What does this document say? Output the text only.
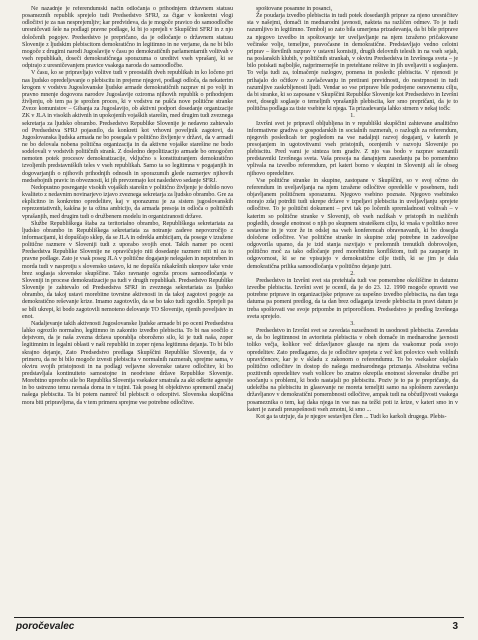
Ne nazadnje je referendumski način odločanja o prihodnjem državnem statusu posameznih republik sprejelo tudi Predsedstvo SFRJ, za čigar v konkretni vlogi odločitvi je za nas nesprejemljiv; kar predvideva, da je mogoče pravico do samoodločbe uresničevati šele na podlagi pravne podlage, ki bi jo sprejeli v Skupščini SFRJ in z njo določenih pogojev. Predsedstvo je prepričano, da je odločanje o državnem statusu Slovenije z ljudskim plebiscitom demokratično in legitimno in ne verjame, da ne bi bilo mogoče z drugimi narodi Jugoslavije v času po demokratičnih parlamentarnih volitvah v vseh republikah, doseči demokratičnega sporazuma o ureditvi vseh vprašanj, ki se odpirajo z uresničevanjem pravice vsakega naroda do samoodločbe.

V času, ko se pripravljajo volitve tudi v preostalih dveh republikah in ko ločeno pri nas ljudsko opredeljevanje o plebiscitu in prejeme njegovi, podlagi odloča, da nekaterim krogom v vodstvu Jugoslovanske ljudske armade demokratičnih razprav ni po volji in pravno mnenje dogovora narodov Jugoslavije oziroma njihovih republik o prihodnjem življenju, ob tem pa je sprožen proces, ki v vodstvu ne pušča nove politične stranke Zveze komunistov – Gibanja za Jugoslavijo, ob aktivni podpori dosedanje organizacije ZK v JLA in visokih aktivnih in upokojenih vojaških starešin, med drugim tudi zveznega sekretarja za ljudsko obrambo. Predsedstvo Republike Slovenije je nedavno zahtevalo od Predsedstva SFRJ pojasnilo, da konkreti kot vrhovni poveljnik zagotovi, da Jugoslovanska ljudska armada ne bo posegala v politično življenje v državi, da v armadi ne bo delovala nobena politična organizacija in da aktivne vojaške starešine ne bodo sodelovali v vodstvih političnih strank. Z dosledno depolitizacijo armade bo omogočen nemoten potek procesov demokratizacije, vključno s konstituiranjem demokratično izvoljenih predstavniških teles v vseh republikah. Samo ta so legitimna v pogajanjih in dogovarjanjih o njihovih prihodnjih odnosih in sporazumih glede razmerjev njihovih medsebojnih pravic in obveznosti, ki jih prevzemajo kot nasledstvo sedanje SFRJ.

Nedopustno posreganje visokih vojaških starešin v politično življenje je dobilo novo kvaliteto z nedavnim novinarjevo izjavo zveznega sekretarja za ljudsko obrambo. Gre za ekplicitno in konkretno opredelitev, kaj v sporazumu je za sistem jugoslovanskih reprezentativnih, kakšna je ta ožina ambicijo, da armada presoja in odloča o političnih vprašanjih, med drugim tudi o družbenem modelu in organiziranosti države.

Službe Republiškega štaba za teritorialno obrambo, Republiškega sekretariata za ljudsko obrambo in Republiškega sekretariata za notranje zadeve nepovzročijo z informacijami, ki dopuščajo sklep, da se JLA in odrekla ambicijam, da posege v izražene politične razmere v Sloveniji tudi z uporabo svojih enot. Takih namer po oceni Predsedstva Republike Slovenije ne opravičujejo niti dosedanje razmere niti ni za to pravne podlage. Zato je vsak poseg JLA v politične dogajanje nelegalen in nepotreben in morda tudi v nasprotju s slovensko ustavo, ki ne dopušča nikakršnih ukrepov take vrste brez soglasja slovenske skupščine. Tako ravnanje ogroža proces samoodločanja v Sloveniji in procese demokratizacije pa tudi v drugih republikah. Predsedstvo Republike Slovenije je zahtevalo od Predsedstva SFRJ in zveznega sekretariata za ljudsko obrambo, da takoj ustavi morebitne tovrstne aktivnosti in da takoj zagotovi pogoje za demokratično reševanje krize. Imamo zagotovilo, da se bo tako tudi zgodilo. Sprejeli pa se bili ukrepi, ki bodo zagotovili nemoteno delovanje TO Slovenije, njenih poveljstev in enot.

Nadaljevanje takih aktivnosti Jugoslovanske ljudske armade bi po oceni Predsedstva lahko ogrozilo normalno, legitimno in zakonito izvedbo plebiscita. To bi nas soočilo z dejstvom, da je naša zvezna država uporablja oboroženo silo, ki je tudi naša, zoper legitimnim in legalni oblasti v naši republiki in zoper njena legitimna dejanja. To bi bilo skrajno dejanje, Zato Predsedstvo predlaga Skupščini Republike Slovenije, da v primeru, da ne bi bilo mogoče izvesti plebiscita v normalnih razmerah, sprejme sama, v okviru svojih pristojnosti in na podlagi veljavne slovenske ustave odločitev, ki bo predstavljala kontinuiteto samostojne in neodvisne države Republike Slovenije. Morebitno upreobo sile bo Republika Slovenija vsekakor smatrala za akt odkrite agresije in bo ustrezno temu ravnala doma in v tujini. Tak poseg bi objektivno spremenil značaj našega plebiscita. Ta bi potem namreč bil plebiscit o odcepitvi. Slovenska skupščina mora biti pripravljena, da v tem primeru sprejme vse potrebne odločitve.

spoštovane posamne in posanci,

Že poudarja izvedbo plebiscita in tudi potek dosedanjih priprav za njeno uresničitev sta v našejmi, domači in mednarodni javnosti, nakteta na različen odmev. To je tudi razumljivo in legitimno. Tembolj so zato bila umerjena prizadevanja, da bi bile priprave za njegovo izvedbo in spoštovanje ter uveljavljanje na njem izraženo pričakovane večinske volje, temeljne, pravočasne in demokratične. Predstavljajo vedno celotni priprav – številnih razprav v ustavni komisiji, drugih delovnih telesih in na vseh sejah, na poslanskih klubih, v političnih strankah, v okviru Predsedstva in Izvršnega sveta – je bilo poiskati najboljše, najprimernejše in pretehtane rešitve in jih uveljaviti s soglasjem. To velja tudi za, tolmačenje razlogov, pomena in posledic plebiscita. V njenosti je prihajalo do očitkov o zavlačevanju in pretirani previdnosti, do nestrpnosti in tudi razumljive zaskrbljenosti ljudi. Vendar so vse priprave bile podrejene osnovnemu cilju, da bi stranke, ki so zaposane v Skupščini Republike Slovenije kot Predsedstvo in Izvršni svet, dosegli soglasje o temeljnih vprašanjih plebiscita, ker smo prepričani, da je to politična podlaga za tiste vsebine ki njega. Ta prizadevanja lahko strnem v nekaj točk:

1.

Izvršni svet je pripravil obljubljena in v republiški skupščini zahtevane analitično informativne gradiva o gospodarskih in socialnih razmerah, o razlogih za referendum, njegovih posledicah ter pogledom na vse nadaljnji razvoj dogajanj, v katerih je presojanjem in ugotovitvami vseh pristojnih, ocenjenih v razvoju Slovenije po plebiscitu. Pred vami je sinteza tem gradiv. Z njo vas bodo v razprav seznanili predstavniki Izvršnega sveta. Vaša presoja na danajnjem zasedanju pa bo pomembno vplivala na izvedbo referendum, pri kateri bomo v skupini in Sloveniji ali še obseg njihovo opredelitev.

Vse politične stranke in skupine, zastopane v Skupščini, so v svoj očrno do referendum in uveljavljanja na njem izražene odločitve opredelile v posebnem, tudi objavljanem političnem sporazumu. Njegovo vsebino poznate. Njegovo vsebinsko morajo zdaj potrditi tudi ukrepe države v izpeljavi plebiscita in uveljavljanju sprejete odločitve. To je politični dokument – prvi tak po ločenih spremladnosti volitvah – v katerim so politične stranke v Sloveniji, ob vseh razlikah v pristopih in različnih pogledih, dosegle enotnost o njih po skupnem strateškem cilju, ki vnaša v politiko nove sestavine in je vzor že in odslej na vseh konferencah obravnavanih, ki bo dosegla določene odločitve. Vse politične stranke in skupine zdaj potrebne in zadovoljne odgovorila upamo, da je izid stanja razvijajo v prelomnih trenutkih dobrovoljen, politično moč za tako odločanje pred morebitnim konfliktom, tudi pa zaupanje in odgovornost, ki se ne vpisujejo v demokratične cilje tistih, ki se jim je dala demokratična prilika samoodločanja v politično dejanje jutri.

2.

Predsedstvo in Izvršni svet sta pretehtala tudi vse pomembne okoliščine in datumu izvedbe plebiscita. Izvršni svet je ocenil, da je do 23. 12. 1990 mogoče opraviti vse potrebne priprave in organizacijske priprave za uspešno izvedbo plebiscita, na dan tega datuma pa pomeni predlog, da ta dan brez odlaganja izvede plebiscita in pravi datum je treba spoštovati vse svoje pripombe in priporočilom. Predsedstvo je predlog Izvršnega sveta sprejelo.

3.

Predsedstvo in Izvršni svet se zavedata razsežnosti in usodnosti plebiscita. Zavedata se, da bo legitimnost in avtoriteta plebiscita v obeh domače in mednarodne javnosti toliko večja, kolikor več državljanov glasuje na njem da vsakomur poda svojo opredelitev. Zato predlagamo, da je odločitev sprejeta z več kot polovico vseh volilnih upravičencev, kar je v skladu z zakonom o referendumu. To bo vsekakor olajšalo politično odločitev in dostop do našega mednarodnega priznanja. Absolutna večina pozitivnih opredelitev vseh volilcev bo znatno okrepila enotnost slovenske družbe pri soočanju s problemi, ki bodo nastajali po plebiscitu. Poziv je to pa je prepričanje, da udeležba na plebiscitu in glasovanje ne moreta temeljiti samo na splošnem zavedanju državljanov v demokratični pomembnosti odločitve, ampak tudi na občutljivosti vsakega posameznika o tem, kaj daka njega in vse nas na težki poti iz krize, v kateri smo in v kateri je zaradi preuspešnosti vseh zmotni, ki smo ...

Kot ga ta utrjuje, da je njegov sestavljen člen ... Tudi ko karkoli drugega. Plebis-

poročevalec	3
